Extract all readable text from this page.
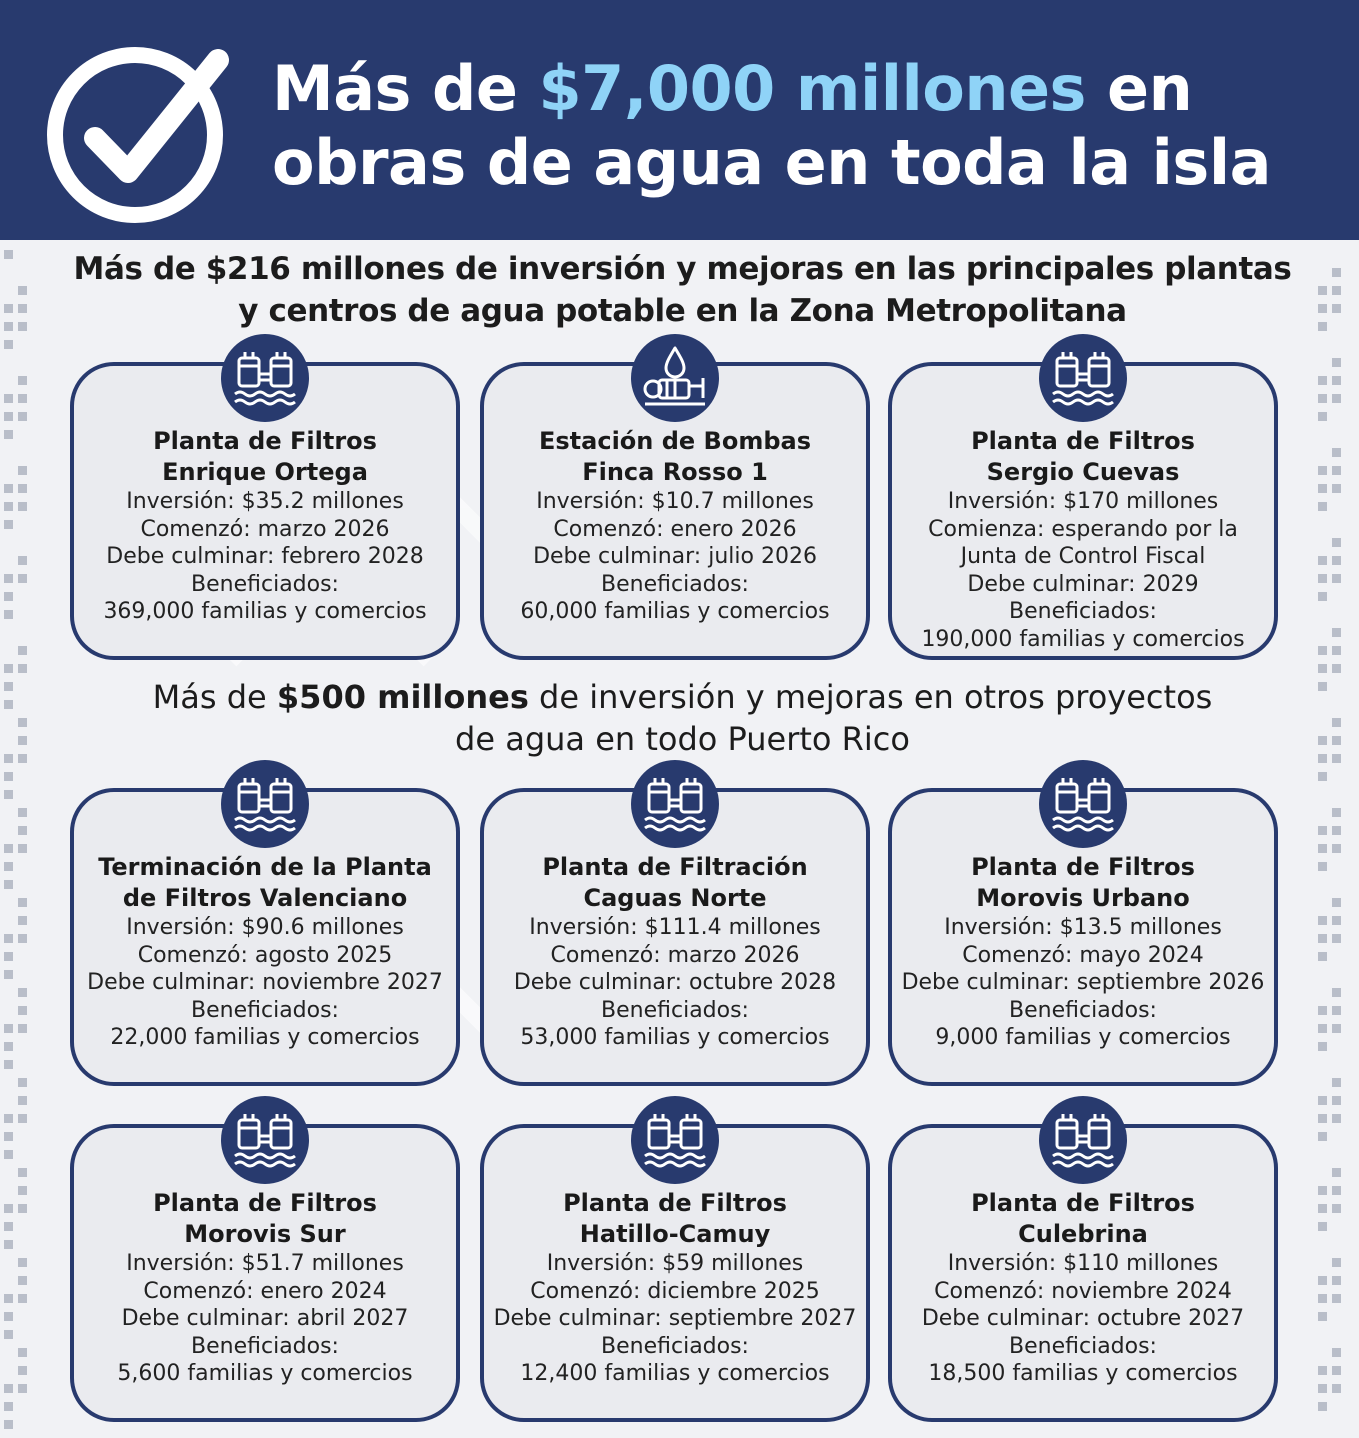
Más de $7,000 millones en
obras de agua en toda la isla
Más de $216 millones de inversión y mejoras en las principales plantas
y centros de agua potable en la Zona Metropolitana
Más de $500 millones de inversión y mejoras en otros proyectos
de agua en todo Puerto Rico
Planta de Filtros
Enrique Ortega
Inversión: $35.2 millones
Comenzó: marzo 2026
Debe culminar: febrero 2028
Beneficiados:
369,000 familias y comercios
Estación de Bombas
Finca Rosso 1
Inversión: $10.7 millones
Comenzó: enero 2026
Debe culminar: julio 2026
Beneficiados:
60,000 familias y comercios
Planta de Filtros
Sergio Cuevas
Inversión: $170 millones
Comienza: esperando por la
Junta de Control Fiscal
Debe culminar: 2029
Beneficiados:
190,000 familias y comercios
Terminación de la Planta
de Filtros Valenciano
Inversión: $90.6 millones
Comenzó: agosto 2025
Debe culminar: noviembre 2027
Beneficiados:
22,000 familias y comercios
Planta de Filtración
Caguas Norte
Inversión: $111.4 millones
Comenzó: marzo 2026
Debe culminar: octubre 2028
Beneficiados:
53,000 familias y comercios
Planta de Filtros
Morovis Urbano
Inversión: $13.5 millones
Comenzó: mayo 2024
Debe culminar: septiembre 2026
Beneficiados:
9,000 familias y comercios
Planta de Filtros
Morovis Sur
Inversión: $51.7 millones
Comenzó: enero 2024
Debe culminar: abril 2027
Beneficiados:
5,600 familias y comercios
Planta de Filtros
Hatillo-Camuy
Inversión: $59 millones
Comenzó: diciembre 2025
Debe culminar: septiembre 2027
Beneficiados:
12,400 familias y comercios
Planta de Filtros
Culebrina
Inversión: $110 millones
Comenzó: noviembre 2024
Debe culminar: octubre 2027
Beneficiados:
18,500 familias y comercios
